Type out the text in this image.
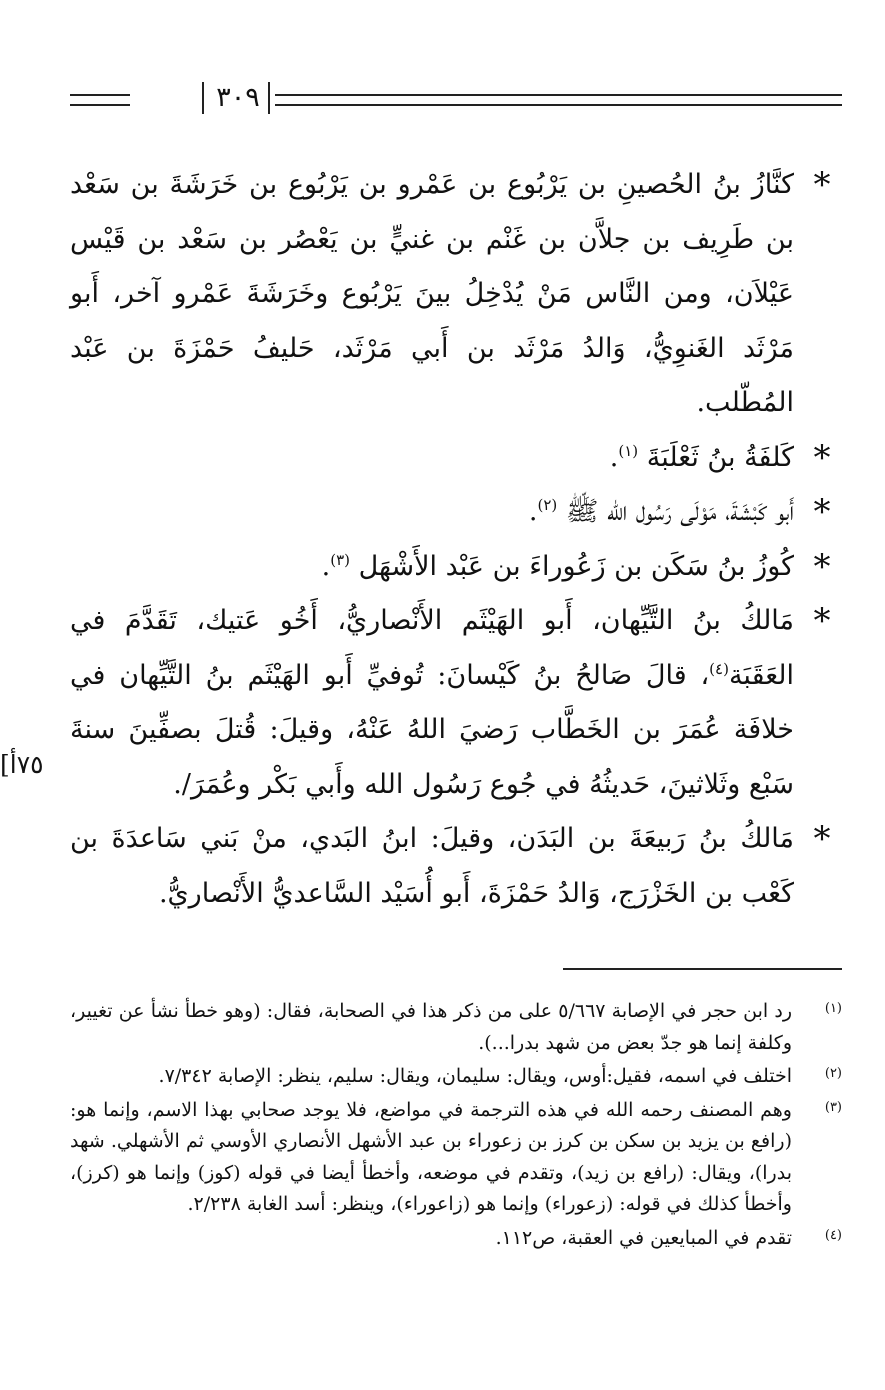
٣٠٩
*
كنَّازُ بنُ الحُصينِ بن يَرْبُوع بن عَمْرو بن يَرْبُوع بن خَرَشَةَ بن سَعْد بن طَرِيف بن جلاَّن بن غَنْم بن غنيٍّ بن يَعْصُر بن سَعْد بن قَيْس عَيْلاَن، ومن النَّاس مَنْ يُدْخِلُ بينَ يَرْبُوع وخَرَشَةَ عَمْرو آخر، أَبو مَرْثَد الغَنوِيُّ، وَالدُ مَرْثَد بن أَبي مَرْثَد، حَليفُ حَمْزَةَ بن عَبْد المُطّلب.
*
كَلفَةُ بنُ ثَعْلَبَةَ $^{(١)}$.
*
أَبو كَبْشَةَ، مَوْلَى رَسُول الله ﷺ $^{(٢)}$.
*
كُوزُ بنُ سَكَن بن زَعُوراءَ بن عَبْد الأَشْهَل $^{(٣)}$.
*
مَالكُ بنُ التَّيِّهان، أَبو الهَيْثَم الأَنْصاريُّ، أَخُو عَتيك، تَقَدَّمَ في العَقَبَة$^{(٤)}$، قالَ صَالحُ بنُ كَيْسانَ: تُوفيِّ أَبو الهَيْثَم بنُ التَّيِّهان في خلافَة عُمَرَ بن الخَطَّاب رَضيَ اللهُ عَنْهُ، وقيلَ: قُتلَ بصفِّينَ سنةَ سَبْع وثَلاثينَ، حَديثُهُ في جُوع رَسُول الله وأَبي بَكْر وعُمَرَ/.
*
مَالكُ بنُ رَبيعَةَ بن البَدَن، وقيلَ: ابنُ البَدي، منْ بَني سَاعدَةَ بن كَعْب بن الخَزْرَج، وَالدُ حَمْزَةَ، أَبو أُسَيْد السَّاعديُّ الأَنْصاريُّ.
[٧٥أ
(١)
رد ابن حجر في الإصابة ٥/٦٦٧ على من ذكر هذا في الصحابة، فقال: (وهو خطأ نشأ عن تغيير، وكلفة إنما هو جدّ بعض من شهد بدرا...).
(٢)
اختلف في اسمه، فقيل:أوس، ويقال: سليمان، ويقال: سليم، ينظر: الإصابة ٧/٣٤٢.
(٣)
وهم المصنف رحمه الله في هذه الترجمة في مواضع، فلا يوجد صحابي بهذا الاسم، وإنما هو: (رافع بن يزيد بن سكن بن كرز بن زعوراء بن عبد الأشهل الأنصاري الأوسي ثم الأشهلي. شهد بدرا)، ويقال: (رافع بن زيد)، وتقدم في موضعه، وأخطأ أيضا في قوله (كوز) وإنما هو (كرز)، وأخطأ كذلك في قوله: (زعوراء) وإنما هو (زاعوراء)، وينظر: أسد الغابة ٢/٢٣٨.
(٤)
تقدم في المبايعين في العقبة، ص١١٢.
